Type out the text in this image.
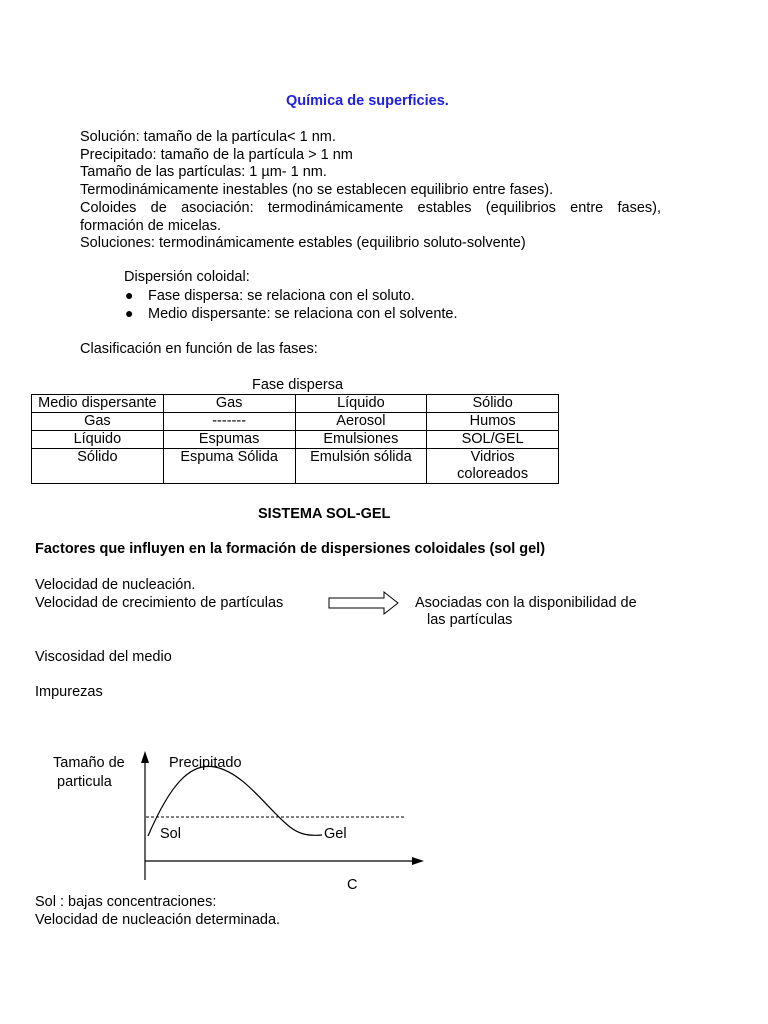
Química de superficies.
Solución: tamaño de la partícula< 1 nm.
Precipitado: tamaño de la partícula > 1 nm
Tamaño de las partículas: 1 µm- 1 nm.
Termodinámicamente inestables (no se establecen equilibrio entre fases).
Coloides de asociación: termodinámicamente estables (equilibrios entre fases),
formación de micelas.
Soluciones: termodinámicamente estables (equilibrio soluto-solvente)
Dispersión coloidal:
● Fase dispersa: se relaciona con el soluto.
● Medio dispersante: se relaciona con el solvente.
Clasificación en función de las fases:
Fase dispersa
Medio dispersante	Gas	Líquido	Sólido
Gas	-------	Aerosol	Humos
Líquido	Espumas	Emulsiones	SOL/GEL
Sólido	Espuma Sólida	Emulsión sólida	Vidrios coloreados
SISTEMA SOL-GEL
Factores que influyen en la formación de dispersiones coloidales (sol gel)
Velocidad de nucleación.
Velocidad de crecimiento de partículas	Asociadas con la disponibilidad de
las partículas
Viscosidad del medio
Impurezas
Tamaño de
particula
Precipitado
Sol	Gel
C
Sol : bajas concentraciones:
Velocidad de nucleación determinada.
